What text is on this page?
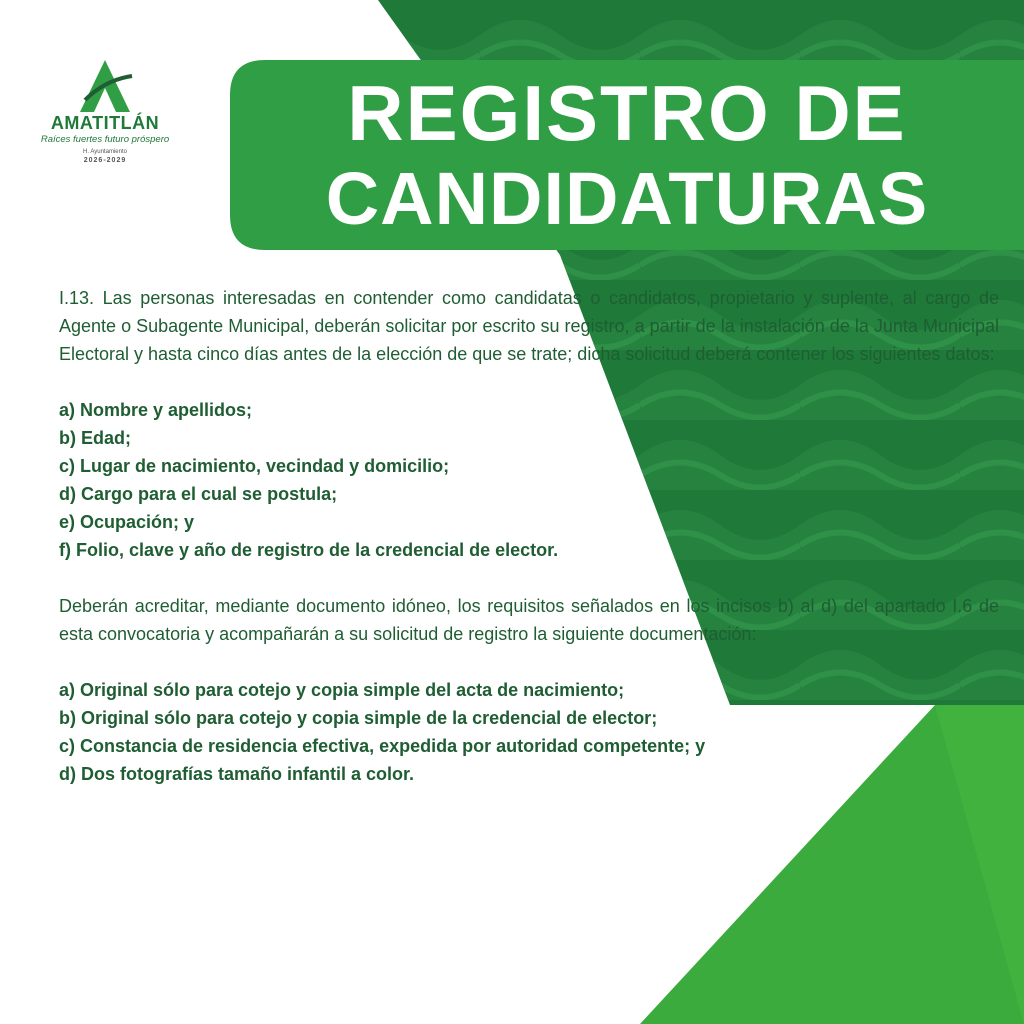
AMATITLÁN
Raíces fuertes futuro próspero
H. Ayuntamiento
2026-2029
REGISTRO DE
CANDIDATURAS

I.13. Las personas interesadas en contender como candidatas o candidatos, propietario y suplente, al cargo de Agente o Subagente Municipal, deberán solicitar por escrito su registro, a partir de la instalación de la Junta Municipal Electoral y hasta cinco días antes de la elección de que se trate; dicha solicitud deberá contener los siguientes datos:

a) Nombre y apellidos;

b) Edad;

c) Lugar de nacimiento, vecindad y domicilio;

d) Cargo para el cual se postula;

e) Ocupación; y

f) Folio, clave y año de registro de la credencial de elector.

Deberán acreditar, mediante documento idóneo, los requisitos señalados en los incisos b) al d) del apartado I.6 de esta convocatoria y acompañarán a su solicitud de registro la siguiente documentación:

a) Original sólo para cotejo y copia simple del acta de nacimiento;

b) Original sólo para cotejo y copia simple de la credencial de elector;

c) Constancia de residencia efectiva, expedida por autoridad competente; y

d) Dos fotografías tamaño infantil a color.
